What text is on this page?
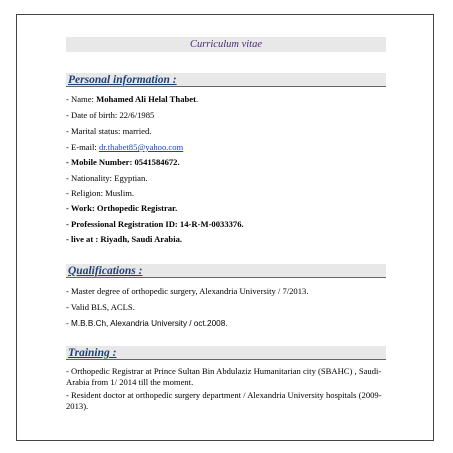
Curriculum vitae
Personal information :
- Name: Mohamed Ali Helal Thabet.
- Date of birth: 22/6/1985
- Marital status: married.
- E-mail: dr.thabet85@yahoo.com
- Mobile Number: 0541584672.
- Nationality: Egyptian.
- Religion: Muslim.
- Work: Orthopedic Registrar.
- Professional Registration ID: 14-R-M-0033376.
- live at : Riyadh, Saudi Arabia.
Qualifications :
- Master degree of orthopedic surgery, Alexandria University / 7/2013.
- Valid BLS, ACLS.
- M.B.B.Ch, Alexandria University / oct.2008.
Training :
- Orthopedic Registrar at Prince Sultan Bin Abdulaziz Humanitarian city (SBAHC) , Saudi-Arabia from 1/ 2014 till the moment.
- Resident doctor at orthopedic surgery department / Alexandria University hospitals (2009- 2013).
